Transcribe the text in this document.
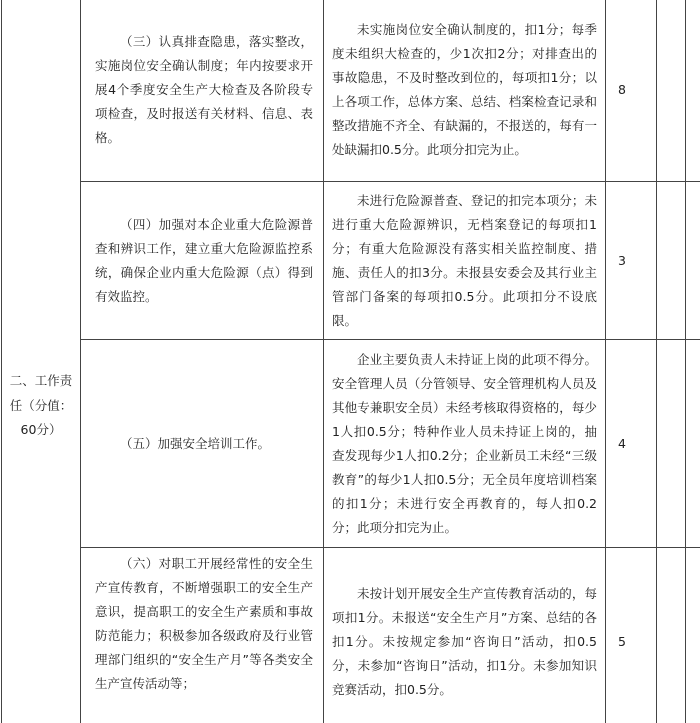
二、工作责任（分值：60分）	（三）认真排查隐患，落实整改，实施岗位安全确认制度；年内按要求开展4个季度安全生产大检查及各阶段专项检查，及时报送有关材料、信息、表格。	未实施岗位安全确认制度的，扣1分；每季度未组织大检查的，少1次扣2分；对排查出的事故隐患，不及时整改到位的，每项扣1分；以上各项工作，总体方案、总结、档案检查记录和整改措施不齐全、有缺漏的，不报送的，每有一处缺漏扣0.5分。此项分扣完为止。	8			
	（四）加强对本企业重大危险源普查和辨识工作，建立重大危险源监控系统，确保企业内重大危险源（点）得到有效监控。	未进行危险源普查、登记的扣完本项分；未进行重大危险源辨识，无档案登记的每项扣1分；有重大危险源没有落实相关监控制度、措施、责任人的扣3分。未报县安委会及其行业主管部门备案的每项扣0.5分。此项扣分不设底限。	3			
	（五）加强安全培训工作。	企业主要负责人未持证上岗的此项不得分。安全管理人员（分管领导、安全管理机构人员及其他专兼职安全员）未经考核取得资格的，每少1人扣0.5分；特种作业人员未持证上岗的，抽查发现每少1人扣0.2分；企业新员工未经“三级教育”的每少1人扣0.5分；无全员年度培训档案的扣1分；未进行安全再教育的，每人扣0.2分；此项分扣完为止。	4			
	（六）对职工开展经常性的安全生产宣传教育，不断增强职工的安全生产意识，提高职工的安全生产素质和事故防范能力；积极参加各级政府及行业管理部门组织的“安全生产月”等各类安全生产宣传活动等；	未按计划开展安全生产宣传教育活动的，每项扣1分。未报送“安全生产月”方案、总结的各扣1分。未按规定参加“咨询日”活动，扣0.5分，未参加“咨询日”活动，扣1分。未参加知识竞赛活动，扣0.5分。	5			
